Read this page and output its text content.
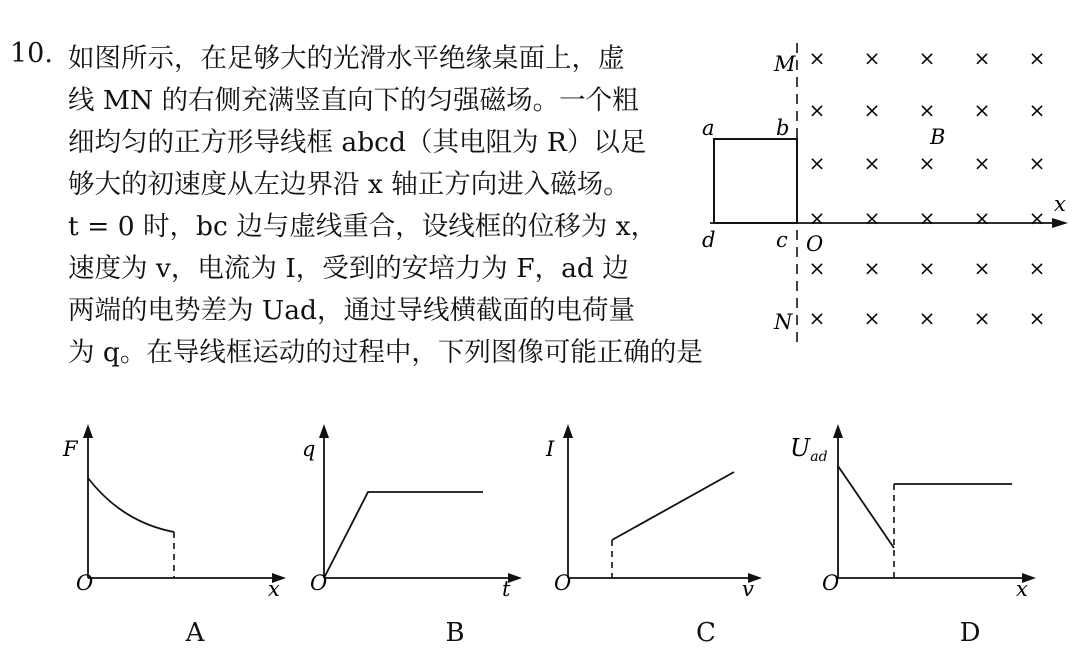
10. 如图所示，在足够大的光滑水平绝缘桌面上，虚
线 MN 的右侧充满竖直向下的匀强磁场。一个粗
细均匀的正方形导线框 abcd（其电阻为 R）以足
够大的初速度从左边界沿 x 轴正方向进入磁场。
t = 0 时，bc 边与虚线重合，设线框的位移为 x，
速度为 v，电流为 I，受到的安培力为 F，ad 边
两端的电势差为 Uad，通过导线横截面的电荷量
为 q。在导线框运动的过程中，下列图像可能正确的是
M
N
a	b
c
d	O
B
x
× × × × ×
× × × × ×
× × × × ×
× × × × ×
× × × × ×
× × × × ×
F
x
O
A
q
t
O
B
I
v
O
C
$U_{ad}$
x
O
D
